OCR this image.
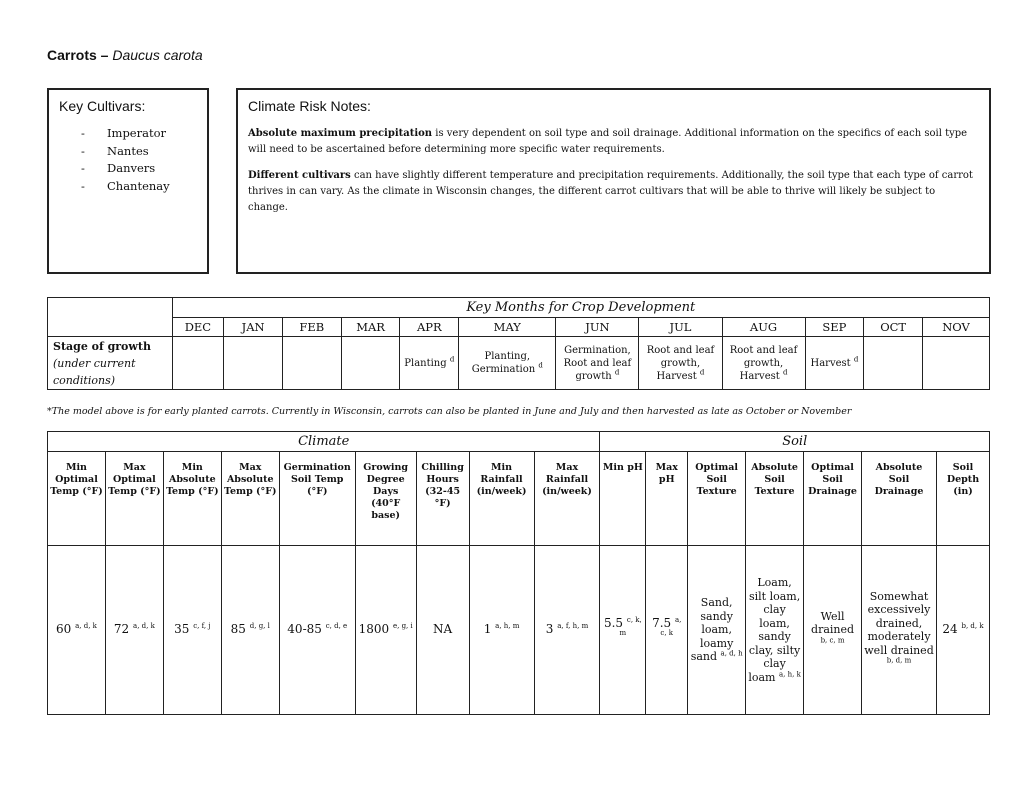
Carrots – Daucus carota
Key Cultivars:
- Imperator
- Nantes
- Danvers
- Chantenay
Climate Risk Notes:

Absolute maximum precipitation is very dependent on soil type and soil drainage. Additional information on the specifics of each soil type will need to be ascertained before determining more specific water requirements.

Different cultivars can have slightly different temperature and precipitation requirements. Additionally, the soil type that each type of carrot thrives in can vary. As the climate in Wisconsin changes, the different carrot cultivars that will be able to thrive will likely be subject to change.

	Key Months for Crop Development											
	DEC	JAN	FEB	MAR	APR	MAY	JUN	JUL	AUG	SEP	OCT	NOV
Stage of growth
(under current conditions)					Planting $^d$	Planting, Germination $^d$	Germination, Root and leaf growth $^d$	Root and leaf growth, Harvest $^d$	Root and leaf growth, Harvest $^d$	Harvest $^d$		
*The model above is for early planted carrots. Currently in Wisconsin, carrots can also be planted in June and July and then harvested as late as October or November
Climate									Soil						
Min Optimal Temp (°F)	Max Optimal Temp (°F)	Min Absolute Temp (°F)	Max Absolute Temp (°F)	Germination Soil Temp (°F)	Growing Degree Days (40°F base)	Chilling Hours (32-45 °F)	Min Rainfall (in/week)	Max Rainfall (in/week)	Min pH	Max pH	Optimal Soil Texture	Absolute Soil Texture	Optimal Soil Drainage	Absolute Soil Drainage	Soil Depth (in)
60 $^{a, d, k}$	72 $^{a, d, k}$	35 $^{c, f, j}$	85 $^{d, g, l}$	40-85 $^{c, d, e}$	1800 $^{e, g, i}$	NA	1 $^{a, h, m}$	3 $^{a, f, h, m}$	5.5 $^{c, k, m}$	7.5 $^{a, c, k}$	Sand, sandy loam, loamy sand $^{a, d, h}$	Loam, silt loam, clay loam, sandy clay, silty clay loam $^{a, h, k}$	Well drained $^{b, c, m}$	Somewhat excessively drained, moderately well drained $^{b, d, m}$	24 $^{b, d, k}$
